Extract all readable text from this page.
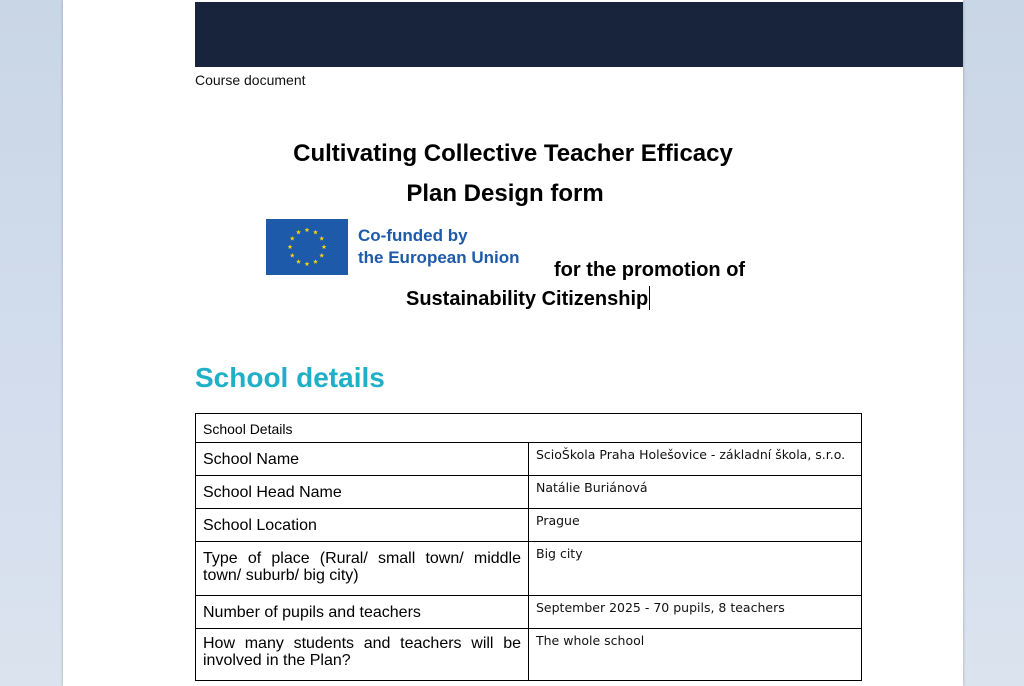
Course document
Cultivating Collective Teacher Efficacy
Plan Design form
Co-funded by
the European Union
for the promotion of
Sustainability Citizenship
School details
School Details	
School Name	ScioŠkola Praha Holešovice - základní škola, s.r.o.
School Head Name	Natálie Buriánová
School Location	Prague
Type of place (Rural/ small town/ middle town/ suburb/ big city)	Big city
Number of pupils and teachers	September 2025 - 70 pupils, 8 teachers
How many students and teachers will be involved in the Plan?	The whole school
